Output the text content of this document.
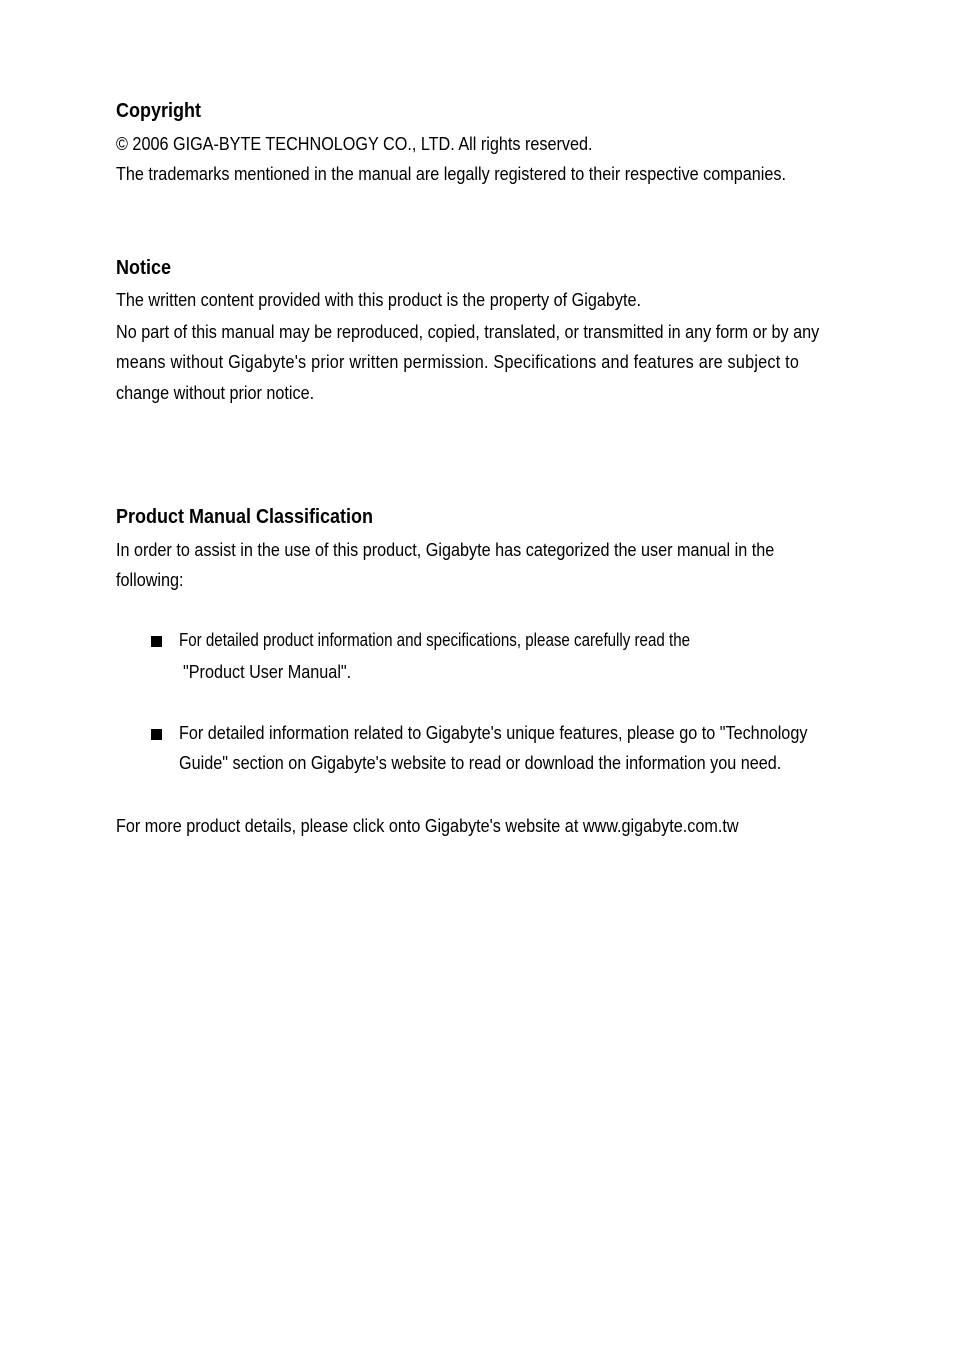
Copyright
© 2006 GIGA-BYTE TECHNOLOGY CO., LTD. All rights reserved.
The trademarks mentioned in the manual are legally registered to their respective companies.
Notice
The written content provided with this product is the property of Gigabyte.
No part of this manual may be reproduced, copied, translated, or transmitted in any form or by any
means without Gigabyte's prior written permission. Specifications and features are subject to
change without prior notice.
Product Manual Classification
In order to assist in the use of this product, Gigabyte has categorized the user manual in the
following:
For detailed product information and specifications, please carefully read the
"Product User Manual".
For detailed information related to Gigabyte's unique features, please go to "Technology
Guide" section on Gigabyte's website to read or download the information you need.
For more product details, please click onto Gigabyte's website at www.gigabyte.com.tw
